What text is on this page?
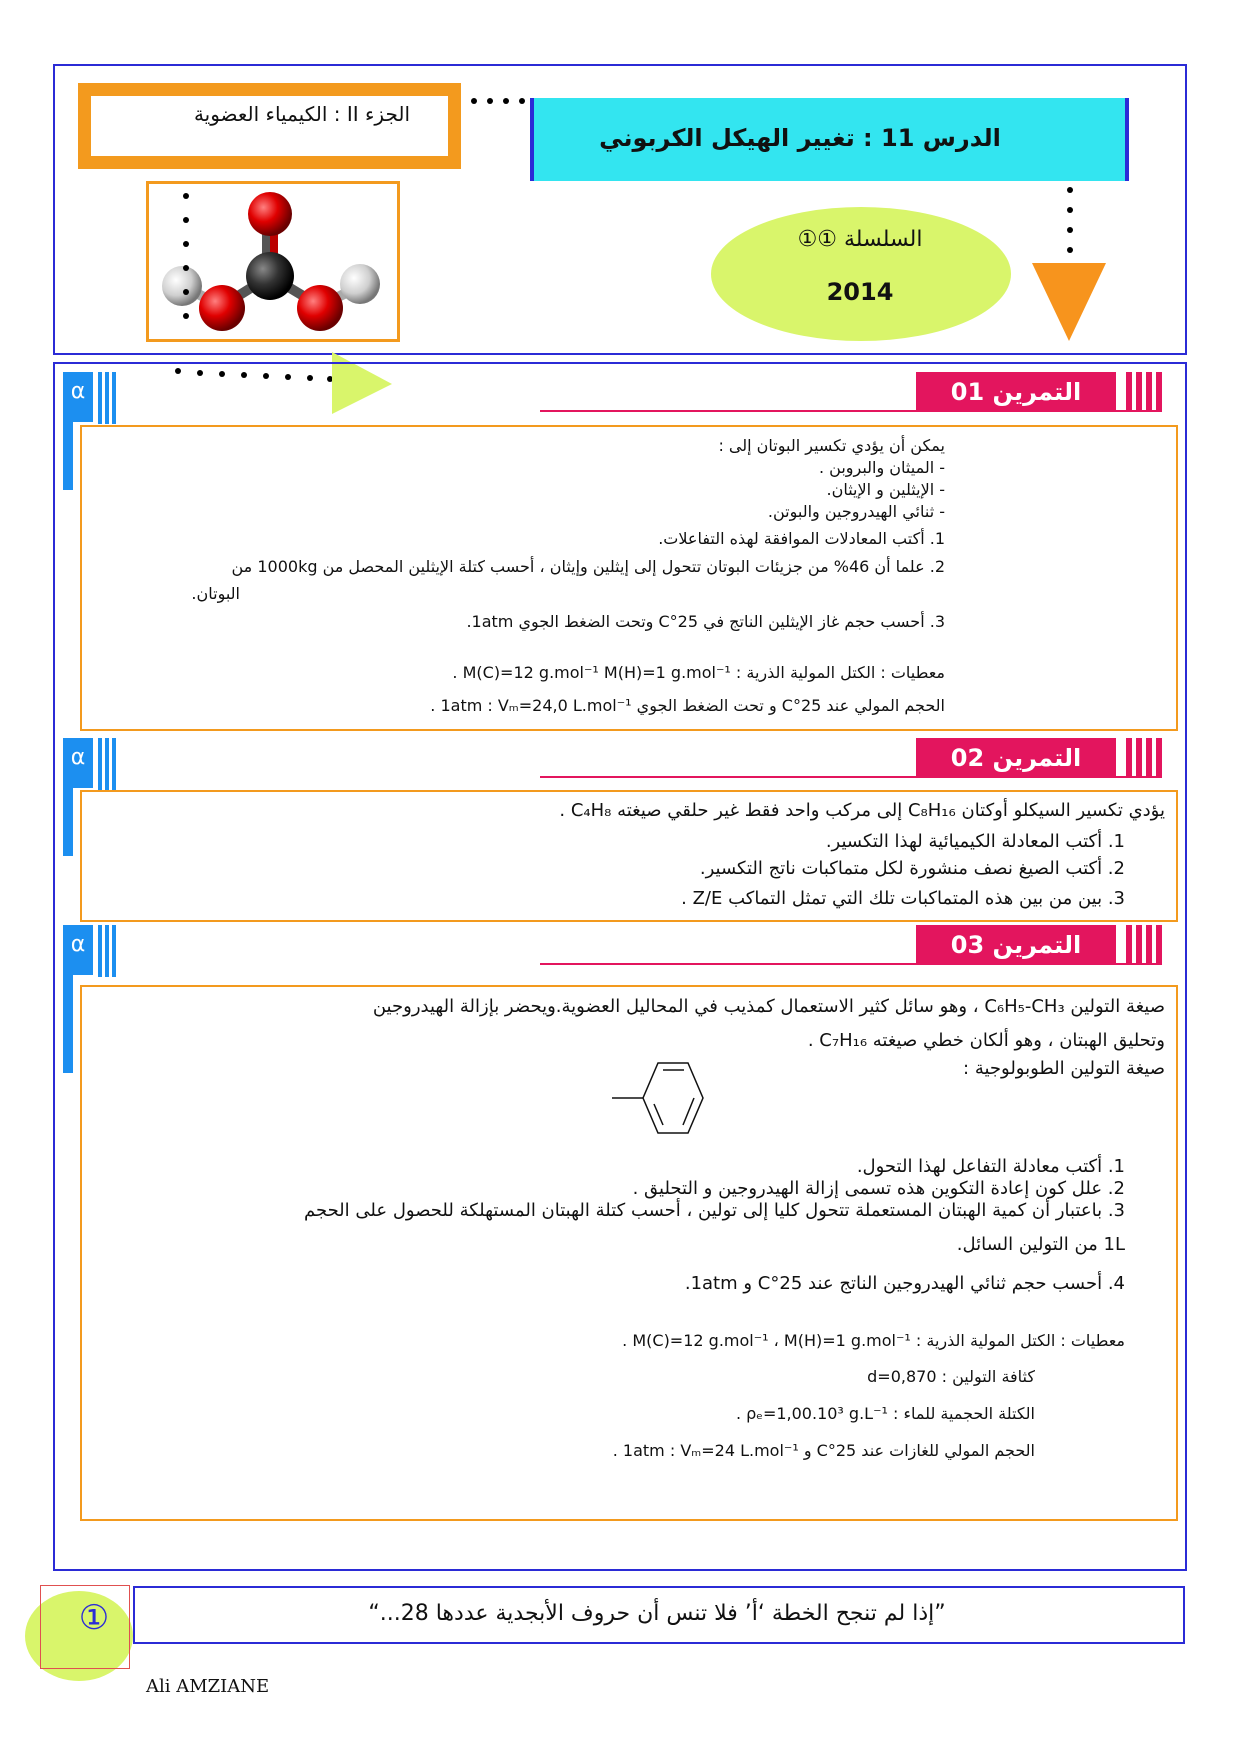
الجزء II : الكيمياء العضوية
الدرس 11 : تغيير الهيكل الكربوني
السلسلة ①①
2014
α	التمرين 01
يمكن أن يؤدي تكسير البوتان إلى :
- الميثان والبروبن .
- الإيثلين و الإيثان.
- ثنائي الهيدروجين والبوتن.
1. أكتب المعادلات الموافقة لهذه التفاعلات.
2. علما أن 46% من جزيئات البوتان تتحول إلى إيثلين وإيثان ، أحسب كتلة الإيثلين المحصل من 1000kg من
البوتان.
3. أحسب حجم غاز الإيثلين الناتج في 25°C وتحت الضغط الجوي 1atm.
معطيات : الكتل المولية الذرية : M(C)=12 g.mol⁻¹ M(H)=1 g.mol⁻¹ .
الحجم المولي عند 25°C و تحت الضغط الجوي 1atm : Vₘ=24,0 L.mol⁻¹ .
α	التمرين 02
يؤدي تكسير السيكلو أوكتان C₈H₁₆ إلى مركب واحد فقط غير حلقي صيغته C₄H₈ .
1. أكتب المعادلة الكيميائية لهذا التكسير.
2. أكتب الصيغ نصف منشورة لكل متماكبات ناتج التكسير.
3. بين من بين هذه المتماكبات تلك التي تمثل التماكب Z/E .
α	التمرين 03
صيغة التولين C₆H₅-CH₃ ، وهو سائل كثير الاستعمال كمذيب في المحاليل العضوية.ويحضر بإزالة الهيدروجين
وتحليق الهبتان ، وهو ألكان خطي صيغته C₇H₁₆ .
صيغة التولين الطوبولوجية :
1. أكتب معادلة التفاعل لهذا التحول.
2. علل كون إعادة التكوين هذه تسمى إزالة الهيدروجين و التحليق .
3. باعتبار أن كمية الهبتان المستعملة تتحول كليا إلى تولين ، أحسب كتلة الهبتان المستهلكة للحصول على الحجم
1L من التولين السائل.
4. أحسب حجم ثنائي الهيدروجين الناتج عند 25°C و 1atm.
معطيات : الكتل المولية الذرية : M(C)=12 g.mol⁻¹ ، M(H)=1 g.mol⁻¹ .
كثافة التولين : d=0,870
الكتلة الحجمية للماء : ρₑ=1,00.10³ g.L⁻¹ .
الحجم المولي للغازات عند 25°C و 1atm : Vₘ=24 L.mol⁻¹ .
①	”إذا لم تنجح الخطة ‘أ’ فلا تنس أن حروف الأبجدية عددها 28...“
Ali AMZIANE
